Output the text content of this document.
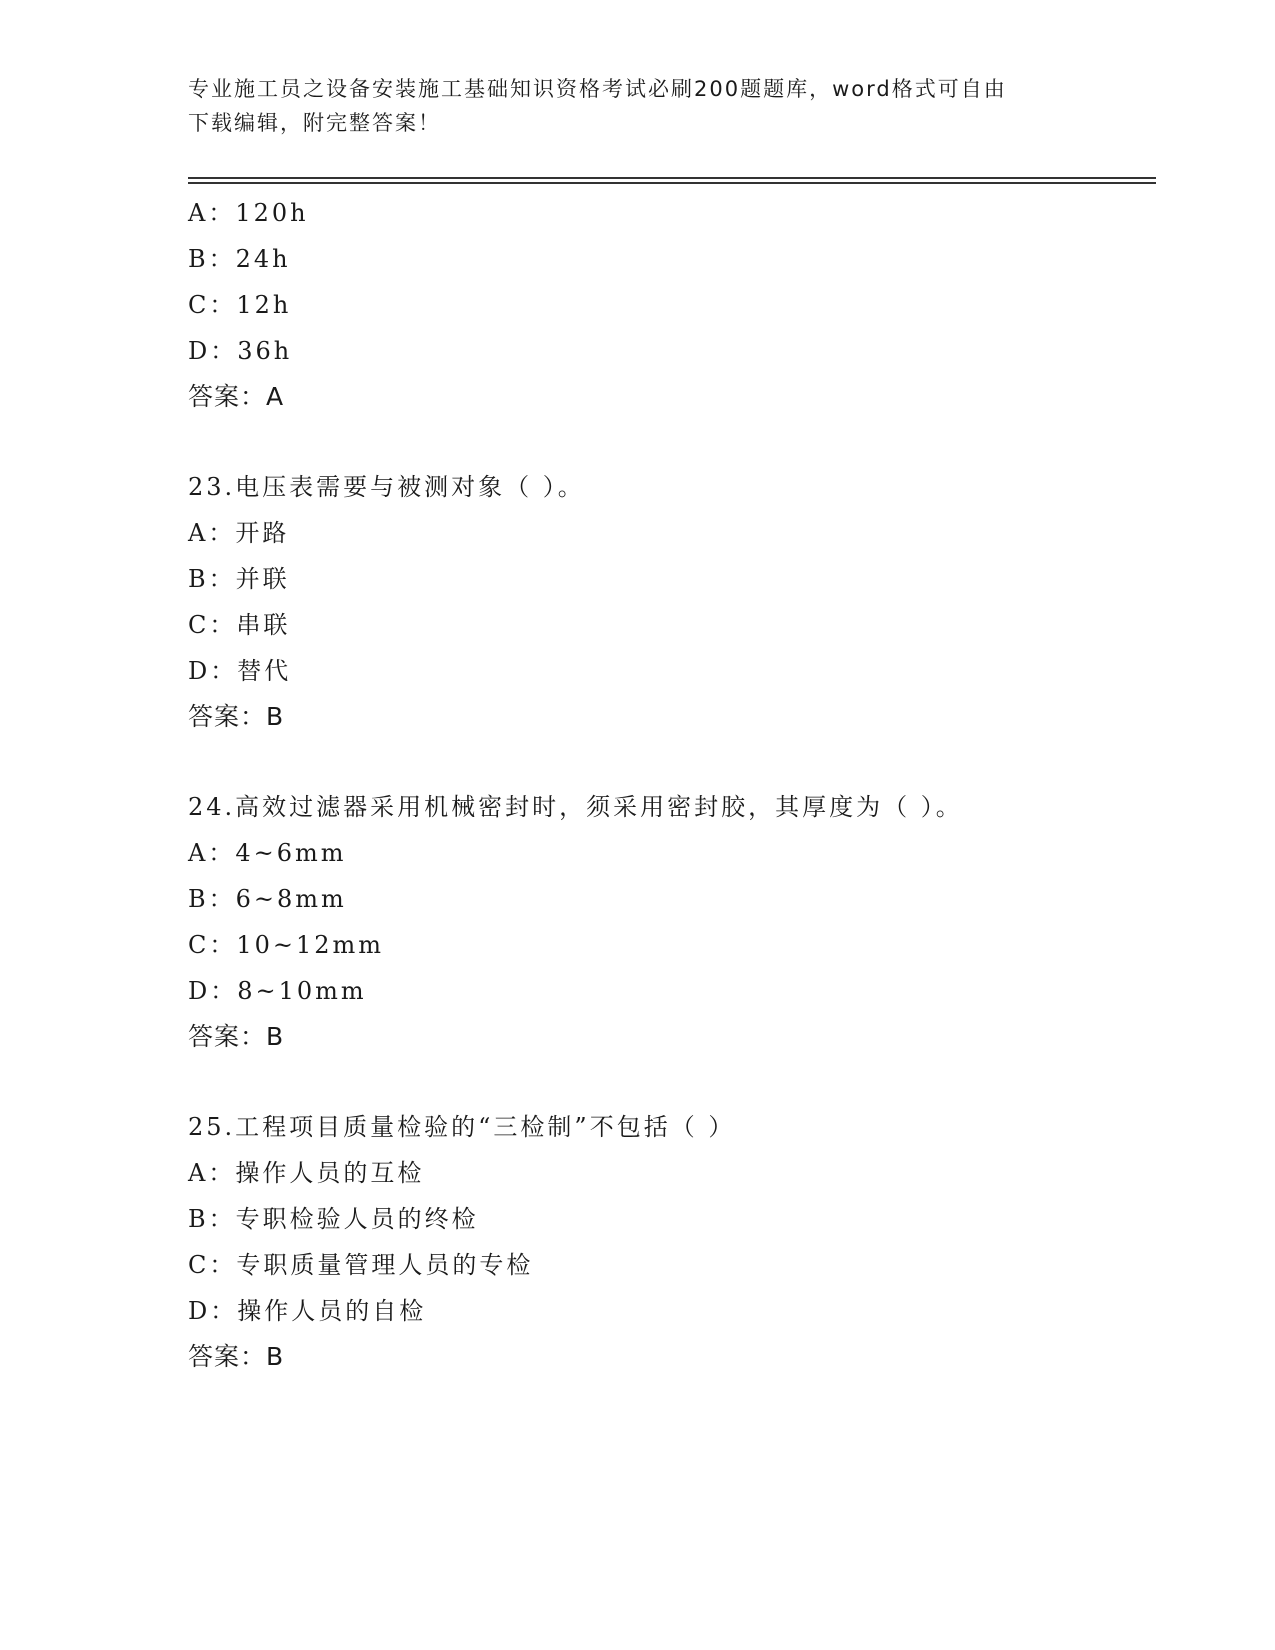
专业施工员之设备安装施工基础知识资格考试必刷200题题库，word格式可自由
下载编辑，附完整答案！
A：120h
B：24h
C：12h
D：36h
答案：A
23.电压表需要与被测对象（ ）。
A：开路
B：并联
C：串联
D：替代
答案：B
24.高效过滤器采用机械密封时，须采用密封胶，其厚度为（ ）。
A：4~6mm
B：6~8mm
C：10~12mm
D：8~10mm
答案：B
25.工程项目质量检验的“三检制”不包括（ ）
A：操作人员的互检
B：专职检验人员的终检
C：专职质量管理人员的专检
D：操作人员的自检
答案：B
